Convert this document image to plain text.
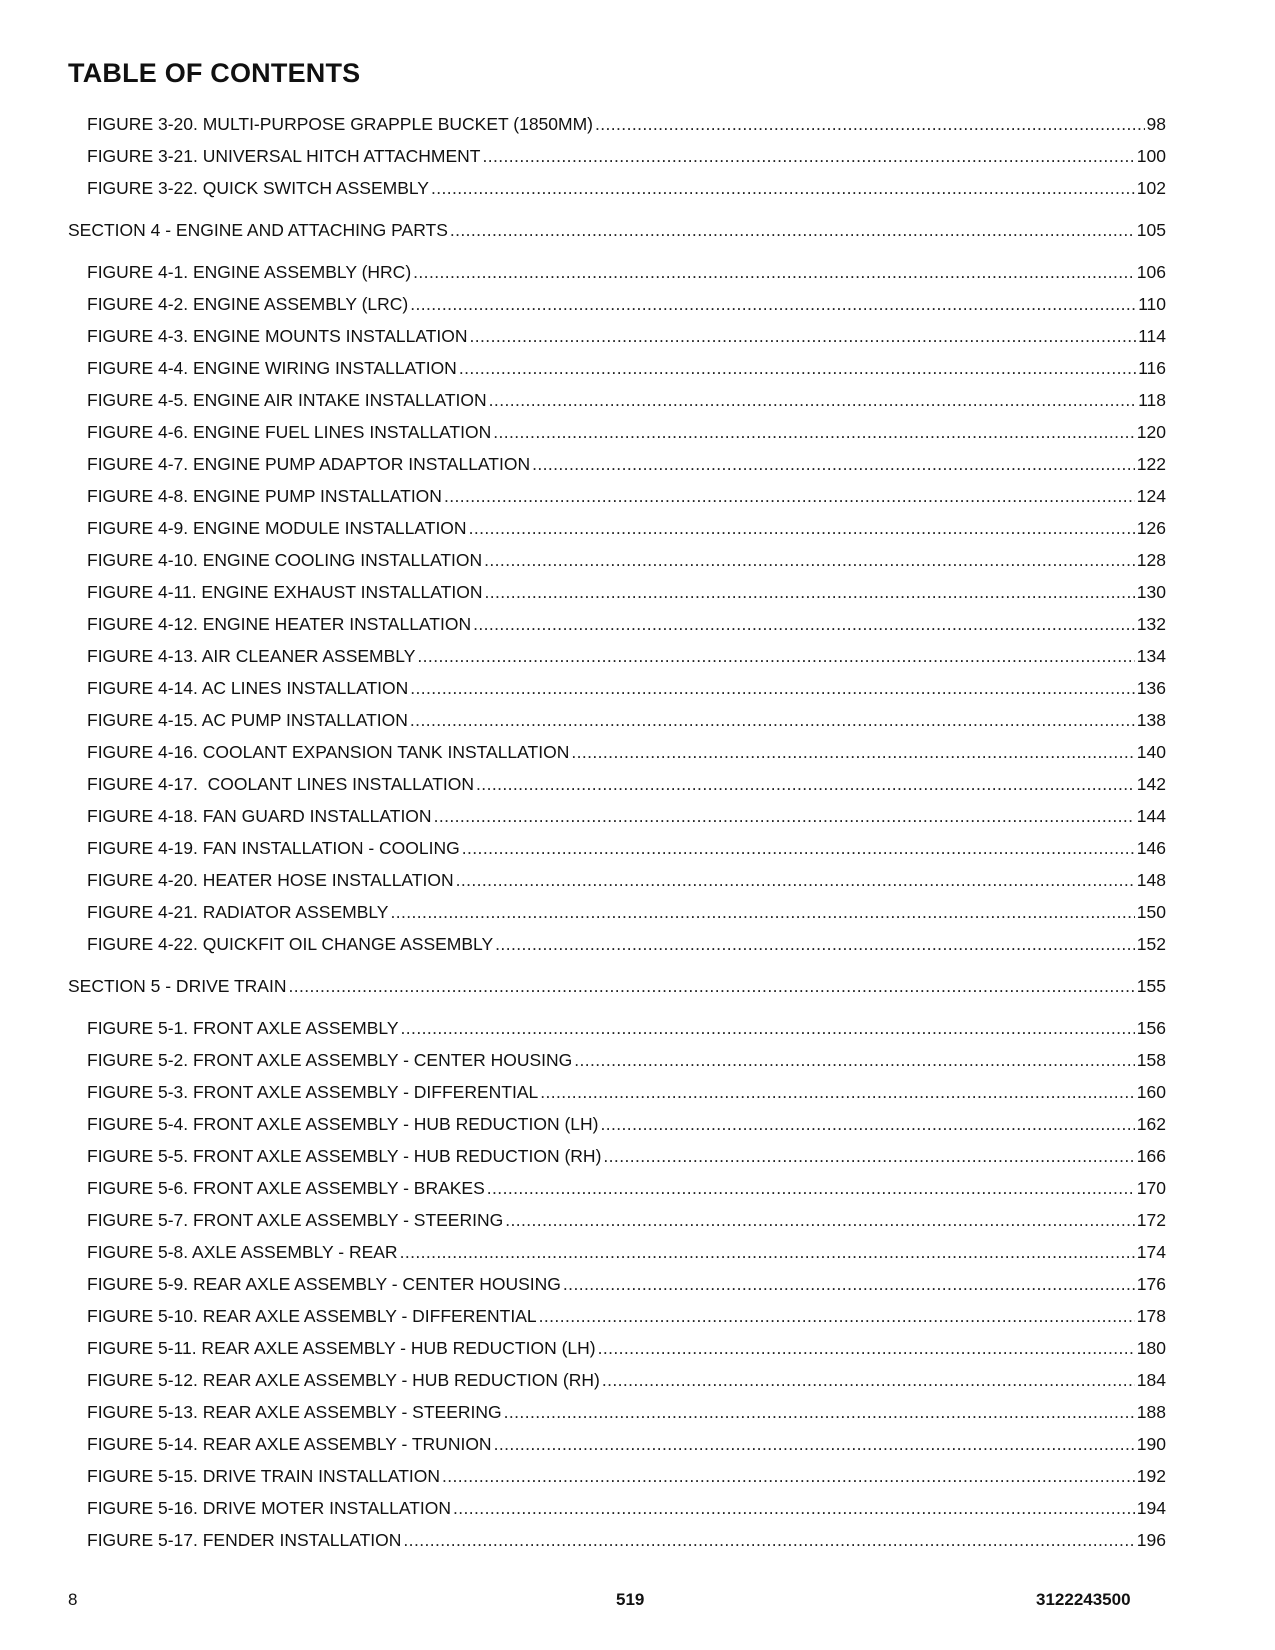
TABLE OF CONTENTS
FIGURE 3-20. MULTI-PURPOSE GRAPPLE BUCKET (1850MM) .....	98
FIGURE 3-21. UNIVERSAL HITCH ATTACHMENT .....	100
FIGURE 3-22. QUICK SWITCH ASSEMBLY .....	102
SECTION 4 - ENGINE AND ATTACHING PARTS .....	105
FIGURE 4-1. ENGINE ASSEMBLY (HRC) .....	106
FIGURE 4-2. ENGINE ASSEMBLY (LRC) .....	110
FIGURE 4-3. ENGINE MOUNTS INSTALLATION .....	114
FIGURE 4-4. ENGINE WIRING INSTALLATION .....	116
FIGURE 4-5. ENGINE AIR INTAKE INSTALLATION .....	118
FIGURE 4-6. ENGINE FUEL LINES INSTALLATION .....	120
FIGURE 4-7. ENGINE PUMP ADAPTOR INSTALLATION .....	122
FIGURE 4-8. ENGINE PUMP INSTALLATION .....	124
FIGURE 4-9. ENGINE MODULE INSTALLATION .....	126
FIGURE 4-10. ENGINE COOLING INSTALLATION .....	128
FIGURE 4-11. ENGINE EXHAUST INSTALLATION .....	130
FIGURE 4-12. ENGINE HEATER INSTALLATION .....	132
FIGURE 4-13. AIR CLEANER ASSEMBLY .....	134
FIGURE 4-14. AC LINES INSTALLATION .....	136
FIGURE 4-15. AC PUMP INSTALLATION .....	138
FIGURE 4-16. COOLANT EXPANSION TANK INSTALLATION .....	140
FIGURE 4-17.  COOLANT LINES INSTALLATION .....	142
FIGURE 4-18. FAN GUARD INSTALLATION .....	144
FIGURE 4-19. FAN INSTALLATION - COOLING .....	146
FIGURE 4-20. HEATER HOSE INSTALLATION .....	148
FIGURE 4-21. RADIATOR ASSEMBLY .....	150
FIGURE 4-22. QUICKFIT OIL CHANGE ASSEMBLY .....	152
SECTION 5 - DRIVE TRAIN .....	155
FIGURE 5-1. FRONT AXLE ASSEMBLY .....	156
FIGURE 5-2. FRONT AXLE ASSEMBLY - CENTER HOUSING .....	158
FIGURE 5-3. FRONT AXLE ASSEMBLY - DIFFERENTIAL .....	160
FIGURE 5-4. FRONT AXLE ASSEMBLY - HUB REDUCTION (LH) .....	162
FIGURE 5-5. FRONT AXLE ASSEMBLY - HUB REDUCTION (RH) .....	166
FIGURE 5-6. FRONT AXLE ASSEMBLY - BRAKES .....	170
FIGURE 5-7. FRONT AXLE ASSEMBLY - STEERING .....	172
FIGURE 5-8. AXLE ASSEMBLY - REAR .....	174
FIGURE 5-9. REAR AXLE ASSEMBLY - CENTER HOUSING .....	176
FIGURE 5-10. REAR AXLE ASSEMBLY - DIFFERENTIAL .....	178
FIGURE 5-11. REAR AXLE ASSEMBLY - HUB REDUCTION (LH) .....	180
FIGURE 5-12. REAR AXLE ASSEMBLY - HUB REDUCTION (RH) .....	184
FIGURE 5-13. REAR AXLE ASSEMBLY - STEERING .....	188
FIGURE 5-14. REAR AXLE ASSEMBLY - TRUNION .....	190
FIGURE 5-15. DRIVE TRAIN INSTALLATION .....	192
FIGURE 5-16. DRIVE MOTER INSTALLATION .....	194
FIGURE 5-17. FENDER INSTALLATION .....	196
8	519	3122243500
